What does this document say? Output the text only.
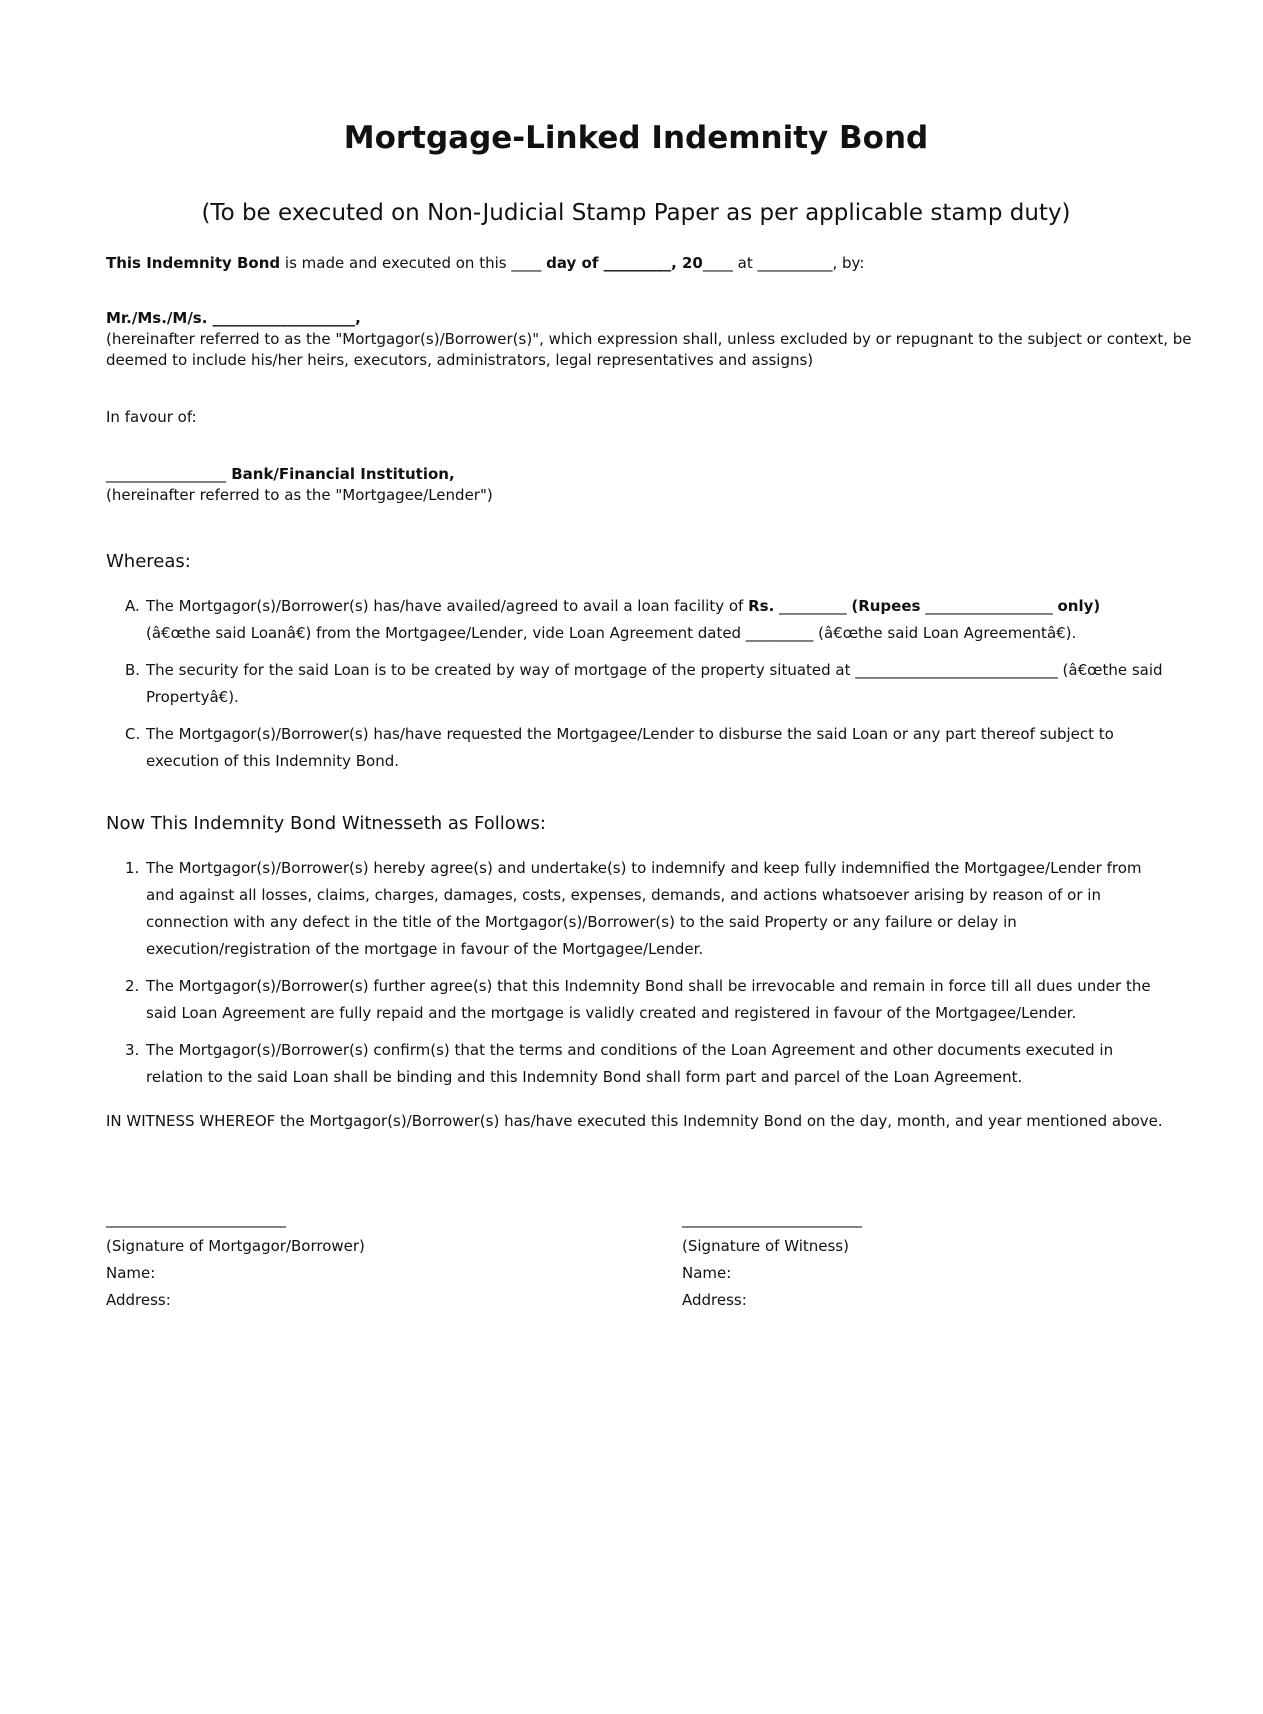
Mortgage-Linked Indemnity Bond
(To be executed on Non-Judicial Stamp Paper as per applicable stamp duty)

This Indemnity Bond is made and executed on this ____ day of _________, 20____ at __________, by:

Mr./Ms./M/s. ___________________,

(hereinafter referred to as the "Mortgagor(s)/Borrower(s)", which expression shall, unless excluded by or repugnant to the subject or context, be

deemed to include his/her heirs, executors, administrators, legal representatives and assigns)

In favour of:

________________ Bank/Financial Institution,

(hereinafter referred to as the "Mortgagee/Lender")

Whereas:
A. The Mortgagor(s)/Borrower(s) has/have availed/agreed to avail a loan facility of Rs. _________ (Rupees _________________ only) (â€œthe said Loanâ€) from the Mortgagee/Lender, vide Loan Agreement dated _________ (â€œthe said Loan Agreementâ€).
B. The security for the said Loan is to be created by way of mortgage of the property situated at ___________________________ (â€œthe said Propertyâ€).
C. The Mortgagor(s)/Borrower(s) has/have requested the Mortgagee/Lender to disburse the said Loan or any part thereof subject to execution of this Indemnity Bond.
Now This Indemnity Bond Witnesseth as Follows:
1. The Mortgagor(s)/Borrower(s) hereby agree(s) and undertake(s) to indemnify and keep fully indemnified the Mortgagee/Lender from and against all losses, claims, charges, damages, costs, expenses, demands, and actions whatsoever arising by reason of or in connection with any defect in the title of the Mortgagor(s)/Borrower(s) to the said Property or any failure or delay in execution/registration of the mortgage in favour of the Mortgagee/Lender.
2. The Mortgagor(s)/Borrower(s) further agree(s) that this Indemnity Bond shall be irrevocable and remain in force till all dues under the said Loan Agreement are fully repaid and the mortgage is validly created and registered in favour of the Mortgagee/Lender.
3. The Mortgagor(s)/Borrower(s) confirm(s) that the terms and conditions of the Loan Agreement and other documents executed in relation to the said Loan shall be binding and this Indemnity Bond shall form part and parcel of the Loan Agreement.

IN WITNESS WHEREOF the Mortgagor(s)/Borrower(s) has/have executed this Indemnity Bond on the day, month, and year mentioned above.

________________________
(Signature of Mortgagor/Borrower)
Name:
Address:
________________________
(Signature of Witness)
Name:
Address:
